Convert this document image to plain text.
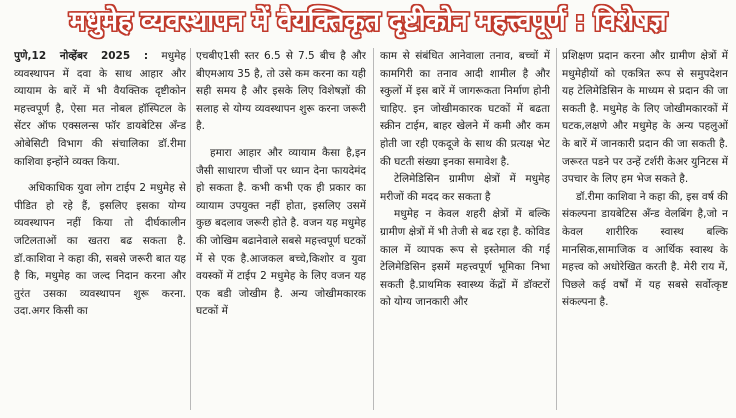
मधुमेह व्यवस्थापन में वैयक्तिकृत दृष्टीकोन महत्त्वपूर्ण : विशेषज्ञ

पुणे,12 नोव्हेंबर 2025 : मधुमेह व्यवस्थापन में दवा के साथ आहार और व्यायाम के बारें में भी वैयक्तिक दृष्टीकोन महत्त्वपूर्ण है, ऐसा मत नोबल हॉस्पिटल के सेंटर ऑफ एक्सलन्स फॉर डायबेटिस अँन्ड ओबेसिटी विभाग की संचालिका डॉ.रीमा काशिवा इन्होंने व्यक्त किया.

अधिकाधिक युवा लोग टाईप 2 मधुमेह से पीडित हो रहे हैं, इसलिए इसका योग्य व्यवस्थापन नहीं किया तो दीर्घकालीन जटिलताओं का खतरा बढ सकता है. डॉ.काशिवा ने कहा की, सबसे जरूरी बात यह है कि, मधुमेह का जल्द निदान करना और तुरंत उसका व्यवस्थापन शुरू करना. उदा.अगर किसी का

एचबीए1सी स्तर 6.5 से 7.5 बीच है और बीएमआय 35 है, तो उसे कम करना का यही सही समय है और इसके लिए विशेषज्ञों की सलाह से योग्य व्यवस्थापन शुरू करना जरूरी है.

हमारा आहार और व्यायाम कैसा है,इन जैसी साधारण चीजों पर ध्यान देना फायदेमंद हो सकता है. कभी कभी एक ही प्रकार का व्यायाम उपयुक्त नहीं होता, इसलिए उसमें कुछ बदलाव जरूरी होते है. वजन यह मधुमेह की जोखिम बढानेवाले सबसे महत्त्वपूर्ण घटकों में से एक है.आजकल बच्चे,किशोर व युवा वयस्कों में टाईप 2 मधुमेह के लिए वजन यह एक बडी जोखीम है. अन्य जोखीमकारक घटकों में

काम से संबंधित आनेवाला तनाव, बच्चों में कामगिरी का तनाव आदी शामील है और स्कुलों में इस बारें में जागरूकता निर्माण होनी चाहिए. इन जोखीमकारक घटकों में बढता स्क्रीन टाईम, बाहर खेलने में कमी और कम होती जा रही एकदूजे के साथ की प्रत्यक्ष भेट की घटती संख्या इनका समावेश है.

टेलिमेडिसिन ग्रामीण क्षेत्रों में मधुमेह मरीजों की मदद कर सकता है

मधुमेह न केवल शहरी क्षेत्रों में बल्कि ग्रामीण क्षेत्रों में भी तेजी से बढ रहा है. कोविड काल में व्यापक रूप से इस्तेमाल की गई टेलिमेडिसिन इसमें महत्त्वपूर्ण भूमिका निभा सकती है.प्राथमिक स्वास्थ्य केंद्रों में डॉक्टरों को योग्य जानकारी और

प्रशिक्षण प्रदान करना और ग्रामीण क्षेत्रों में मधुमेहीयों को एकत्रित रूप से समुपदेशन यह टेलिमेडिसिन के माध्यम से प्रदान की जा सकती है. मधुमेह के लिए जोखीमकारकों में घटक,लक्षणे और मधुमेह के अन्य पहलुओं के बारें में जानकारी प्रदान की जा सकती है. जरूरत पडने पर उन्हें टर्शरी केअर युनिटस में उपचार के लिए हम भेज सकते है.

डॉ.रीमा काशिवा ने कहा की, इस वर्ष की संकल्पना डायबेटिस अँन्ड वेलबिंग है,जो न केवल शारीरिक स्वास्थ बल्कि मानसिक,सामाजिक व आर्थिक स्वास्थ के महत्त्व को अधोरेखित करती है. मेरी राय में, पिछले कई वर्षों में यह सबसे सर्वोत्कृष्ट संकल्पना है.
